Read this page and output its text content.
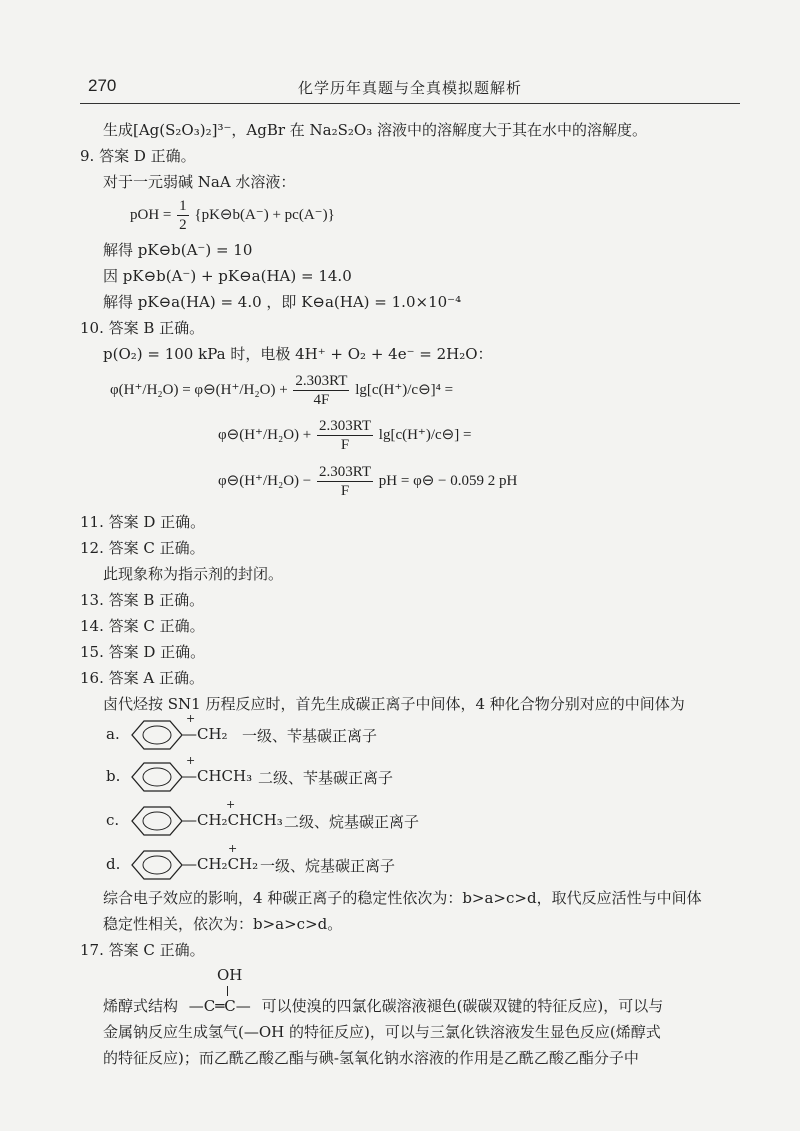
270	化学历年真题与全真模拟题解析
生成[Ag(S₂O₃)₂]³⁻，AgBr 在 Na₂S₂O₃ 溶液中的溶解度大于其在水中的溶解度。
9. 答案 D 正确。
对于一元弱碱 NaA 水溶液：
pOH = $\frac{1}{2}$ {pK⊖b(A⁻) + pc(A⁻)}
解得 pK⊖b(A⁻) = 10
因 pK⊖b(A⁻) + pK⊖a(HA) = 14.0
解得 pK⊖a(HA) = 4.0 ，即 K⊖a(HA) = 1.0×10⁻⁴
10. 答案 B 正确。
p(O₂) = 100 kPa 时，电极 4H⁺ + O₂ + 4e⁻ = 2H₂O：
φ(H⁺/H₂O) = φ⊖(H⁺/H₂O) + $\frac{2.303RT}{4F}$ lg[c(H⁺)/c⊖]⁴ =
φ⊖(H⁺/H₂O) + $\frac{2.303RT}{F}$ lg[c(H⁺)/c⊖] =
φ⊖(H⁺/H₂O) − $\frac{2.303RT}{F}$ pH = φ⊖ − 0.059 2 pH
11. 答案 D 正确。
12. 答案 C 正确。
此现象称为指示剂的封闭。
13. 答案 B 正确。
14. 答案 C 正确。
15. 答案 D 正确。
16. 答案 A 正确。
卤代烃按 SN1 历程反应时，首先生成碳正离子中间体，4 种化合物分别对应的中间体为
a.
+
—CH₂ 一级、苄基碳正离子
b.
+
—CHCH₃ 二级、苄基碳正离子
c.
+
—CH₂CHCH₃ 二级、烷基碳正离子
d.
+
—CH₂CH₂ 一级、烷基碳正离子
综合电子效应的影响，4 种碳正离子的稳定性依次为：b>a>c>d，取代反应活性与中间体
稳定性相关，依次为：b>a>c>d。
17. 答案 C 正确。
OH
烯醇式结构 —C═C— 可以使溴的四氯化碳溶液褪色(碳碳双键的特征反应)，可以与
金属钠反应生成氢气(—OH 的特征反应)，可以与三氯化铁溶液发生显色反应(烯醇式
的特征反应)；而乙酰乙酸乙酯与碘-氢氧化钠水溶液的作用是乙酰乙酸乙酯分子中
